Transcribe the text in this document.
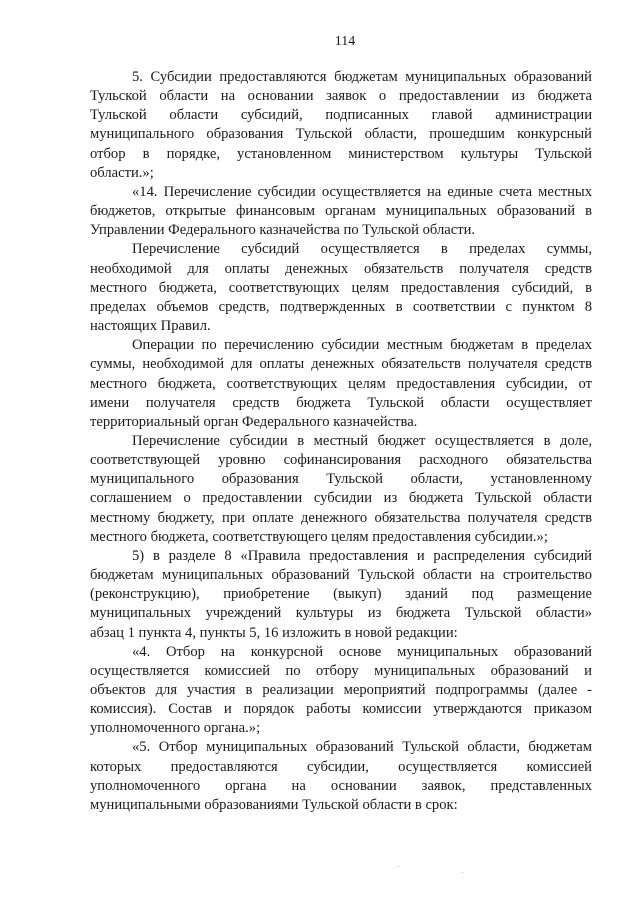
114
5. Субсидии предоставляются бюджетам муниципальных образований
Тульской области на основании заявок о предоставлении из бюджета
Тульской области субсидий, подписанных главой администрации
муниципального образования Тульской области, прошедшим конкурсный
отбор в порядке, установленном министерством культуры Тульской
области.»;
«14. Перечисление субсидии осуществляется на единые счета местных
бюджетов, открытые финансовым органам муниципальных образований в
Управлении Федерального казначейства по Тульской области.
Перечисление субсидий осуществляется в пределах суммы,
необходимой для оплаты денежных обязательств получателя средств
местного бюджета, соответствующих целям предоставления субсидий, в
пределах объемов средств, подтвержденных в соответствии с пунктом 8
настоящих Правил.
Операции по перечислению субсидии местным бюджетам в пределах
суммы, необходимой для оплаты денежных обязательств получателя средств
местного бюджета, соответствующих целям предоставления субсидии, от
имени получателя средств бюджета Тульской области осуществляет
территориальный орган Федерального казначейства.
Перечисление субсидии в местный бюджет осуществляется в доле,
соответствующей уровню софинансирования расходного обязательства
муниципального образования Тульской области, установленному
соглашением о предоставлении субсидии из бюджета Тульской области
местному бюджету, при оплате денежного обязательства получателя средств
местного бюджета, соответствующего целям предоставления субсидии.»;
5) в разделе 8 «Правила предоставления и распределения субсидий
бюджетам муниципальных образований Тульской области на строительство
(реконструкцию), приобретение (выкуп) зданий под размещение
муниципальных учреждений культуры из бюджета Тульской области»
абзац 1 пункта 4, пункты 5, 16 изложить в новой редакции:
«4. Отбор на конкурсной основе муниципальных образований
осуществляется комиссией по отбору муниципальных образований и
объектов для участия в реализации мероприятий подпрограммы (далее -
комиссия). Состав и порядок работы комиссии утверждаются приказом
уполномоченного органа.»;
«5. Отбор муниципальных образований Тульской области, бюджетам
которых предоставляются субсидии, осуществляется комиссией
уполномоченного органа на основании заявок, представленных
муниципальными образованиями Тульской области в срок:
